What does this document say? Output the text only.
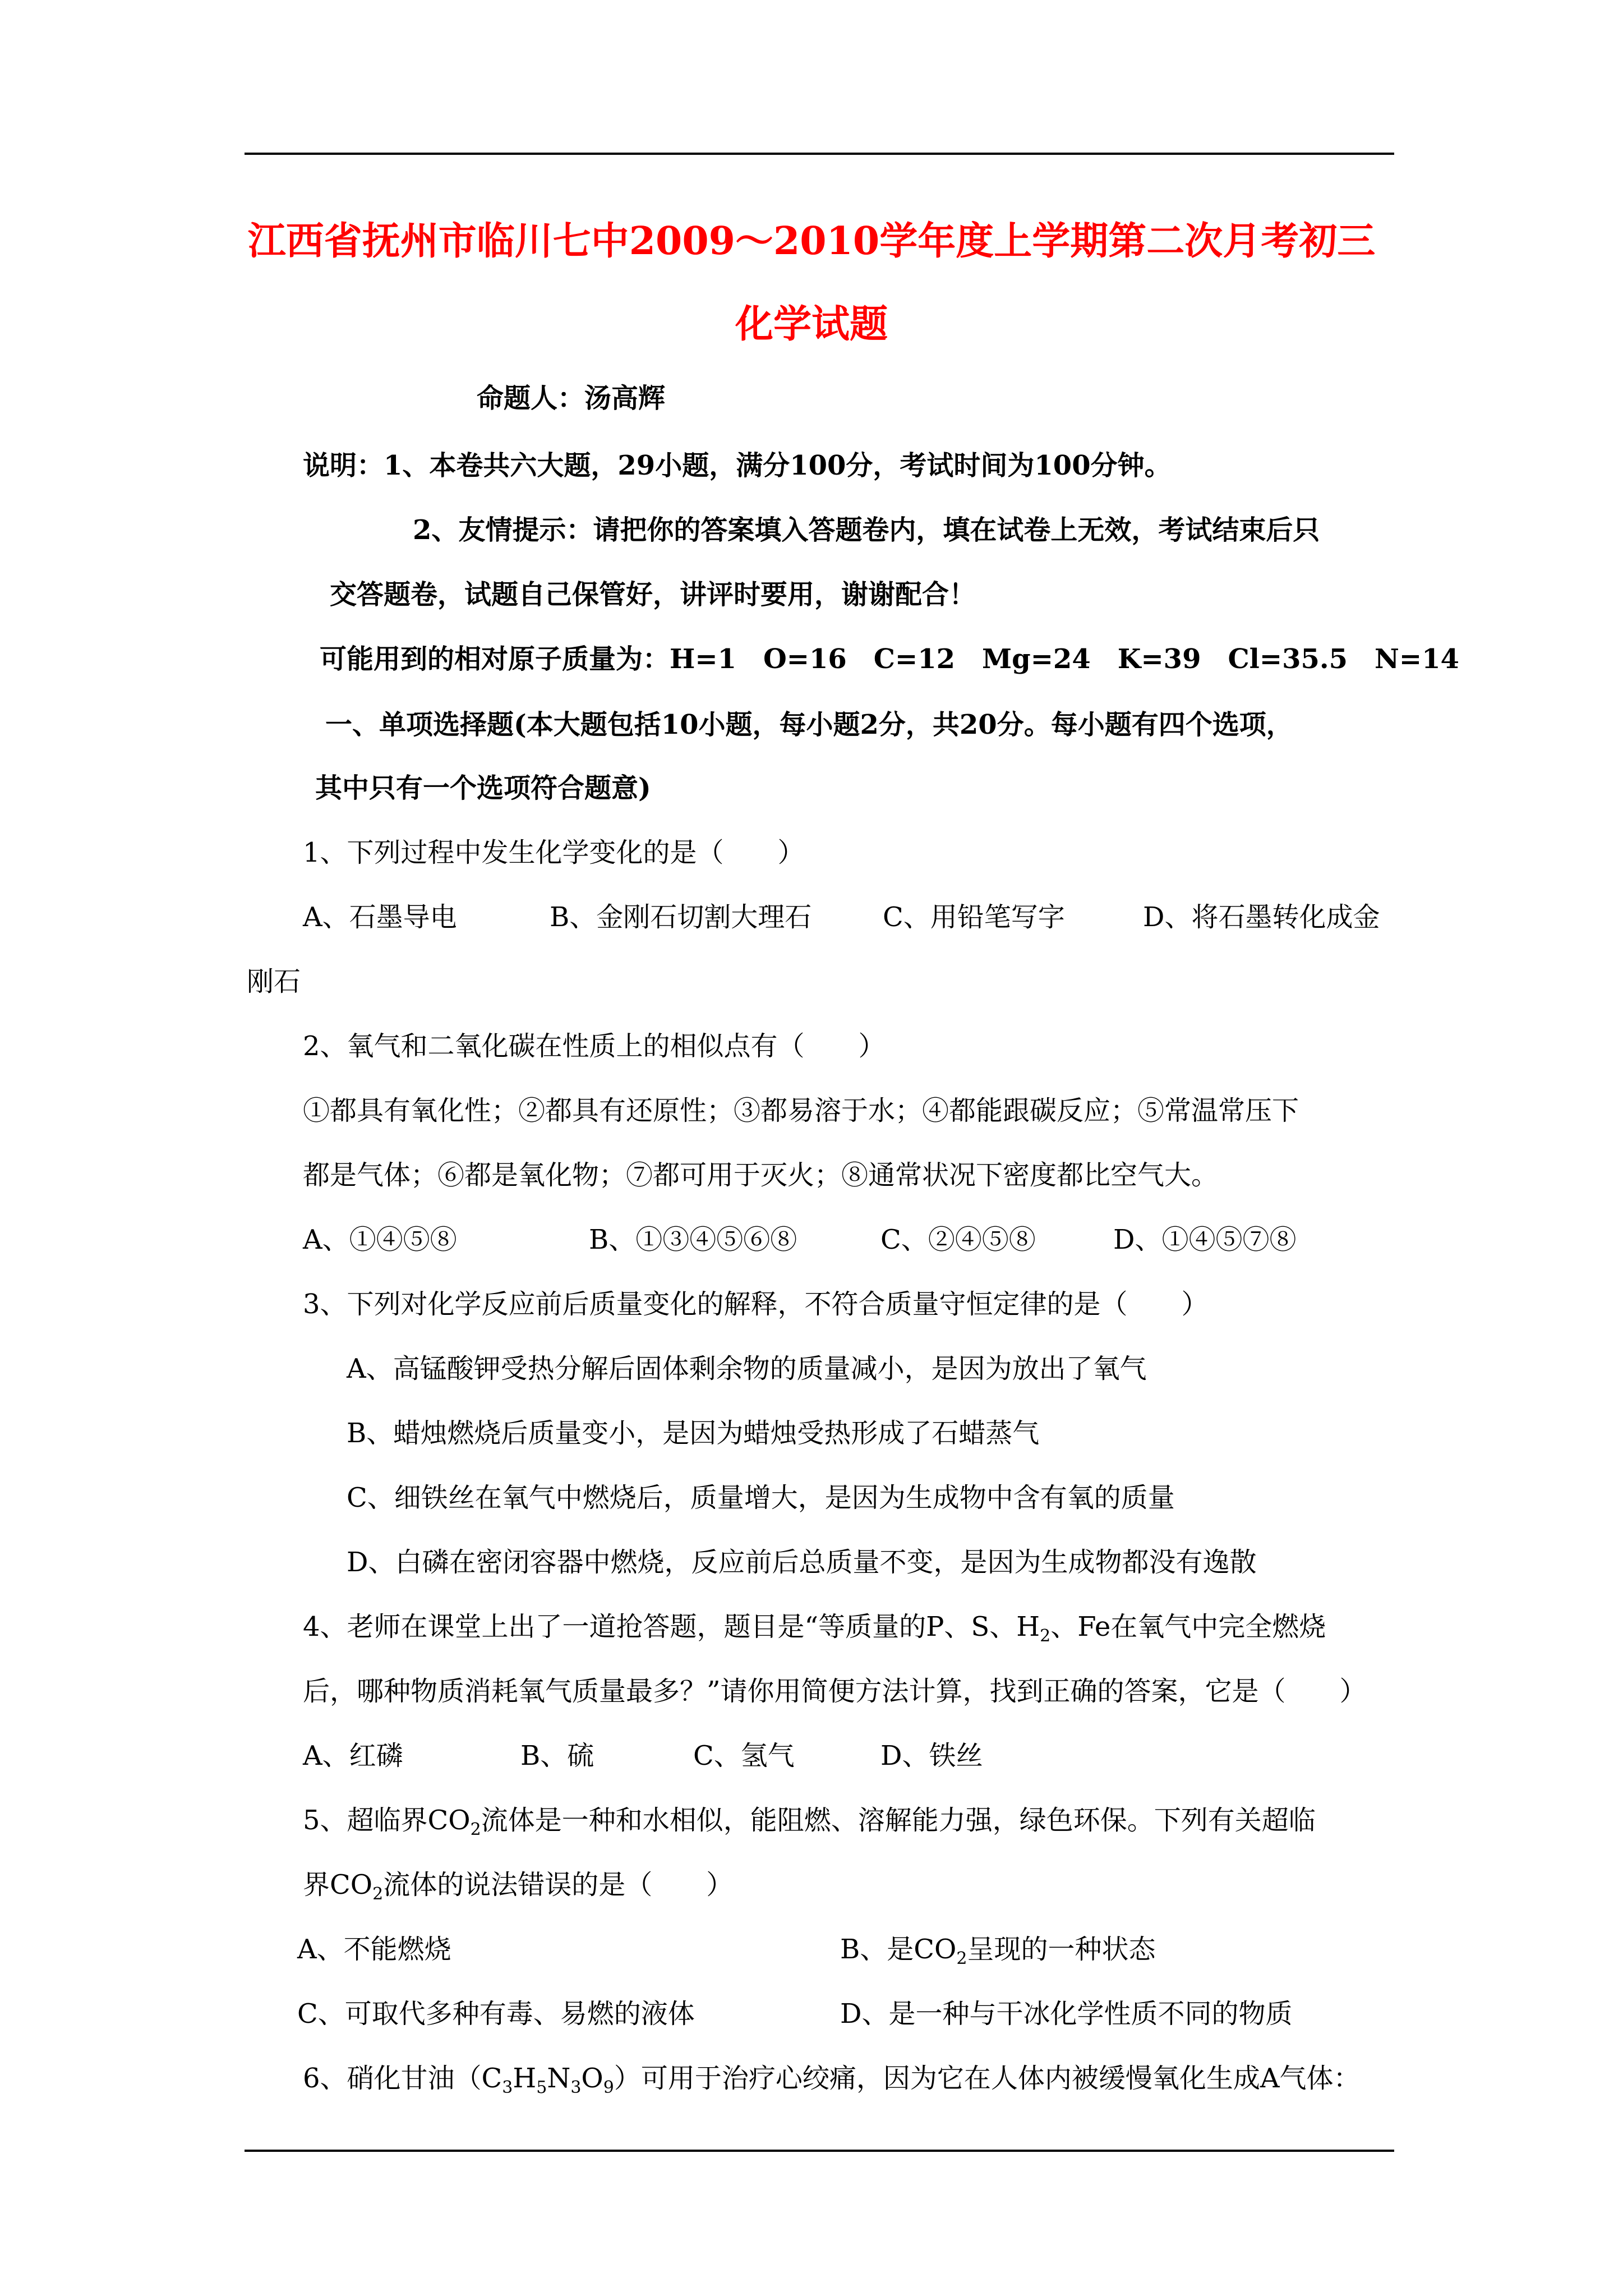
江西省抚州市临川七中2009～2010学年度上学期第二次月考初三
化学试题
命题人：汤高辉
说明：1、本卷共六大题，29小题，满分100分，考试时间为100分钟。
2、友情提示：请把你的答案填入答题卷内，填在试卷上无效，考试结束后只
交答题卷，试题自己保管好，讲评时要用，谢谢配合！
可能用到的相对原子质量为：H=1　O=16　C=12　Mg=24　K=39　Cl=35.5　N=14
一、单项选择题(本大题包括10小题，每小题2分，共20分。每小题有四个选项，
其中只有一个选项符合题意)
1、下列过程中发生化学变化的是（　　）
A、石墨导电	B、金刚石切割大理石	C、用铅笔写字	D、将石墨转化成金
刚石
2、氧气和二氧化碳在性质上的相似点有（　　）
①都具有氧化性；②都具有还原性；③都易溶于水；④都能跟碳反应；⑤常温常压下
都是气体；⑥都是氧化物；⑦都可用于灭火；⑧通常状况下密度都比空气大。
A、①④⑤⑧	B、①③④⑤⑥⑧	C、②④⑤⑧	D、①④⑤⑦⑧
3、下列对化学反应前后质量变化的解释，不符合质量守恒定律的是（　　）
A、高锰酸钾受热分解后固体剩余物的质量减小，是因为放出了氧气
B、蜡烛燃烧后质量变小，是因为蜡烛受热形成了石蜡蒸气
C、细铁丝在氧气中燃烧后，质量增大，是因为生成物中含有氧的质量
D、白磷在密闭容器中燃烧，反应前后总质量不变，是因为生成物都没有逸散
4、老师在课堂上出了一道抢答题，题目是“等质量的P、S、$H_2$、Fe在氧气中完全燃烧
后，哪种物质消耗氧气质量最多？”请你用简便方法计算，找到正确的答案，它是（　　）
A、红磷	B、硫	C、氢气	D、铁丝
5、超临界$CO_2$流体是一种和水相似，能阻燃、溶解能力强，绿色环保。下列有关超临
界$CO_2$流体的说法错误的是（　　）
A、不能燃烧	B、是$CO_2$呈现的一种状态
C、可取代多种有毒、易燃的液体	D、是一种与干冰化学性质不同的物质
6、硝化甘油$(C_3H_5N_3O_9)$可用于治疗心绞痛，因为它在人体内被缓慢氧化生成A气体：
